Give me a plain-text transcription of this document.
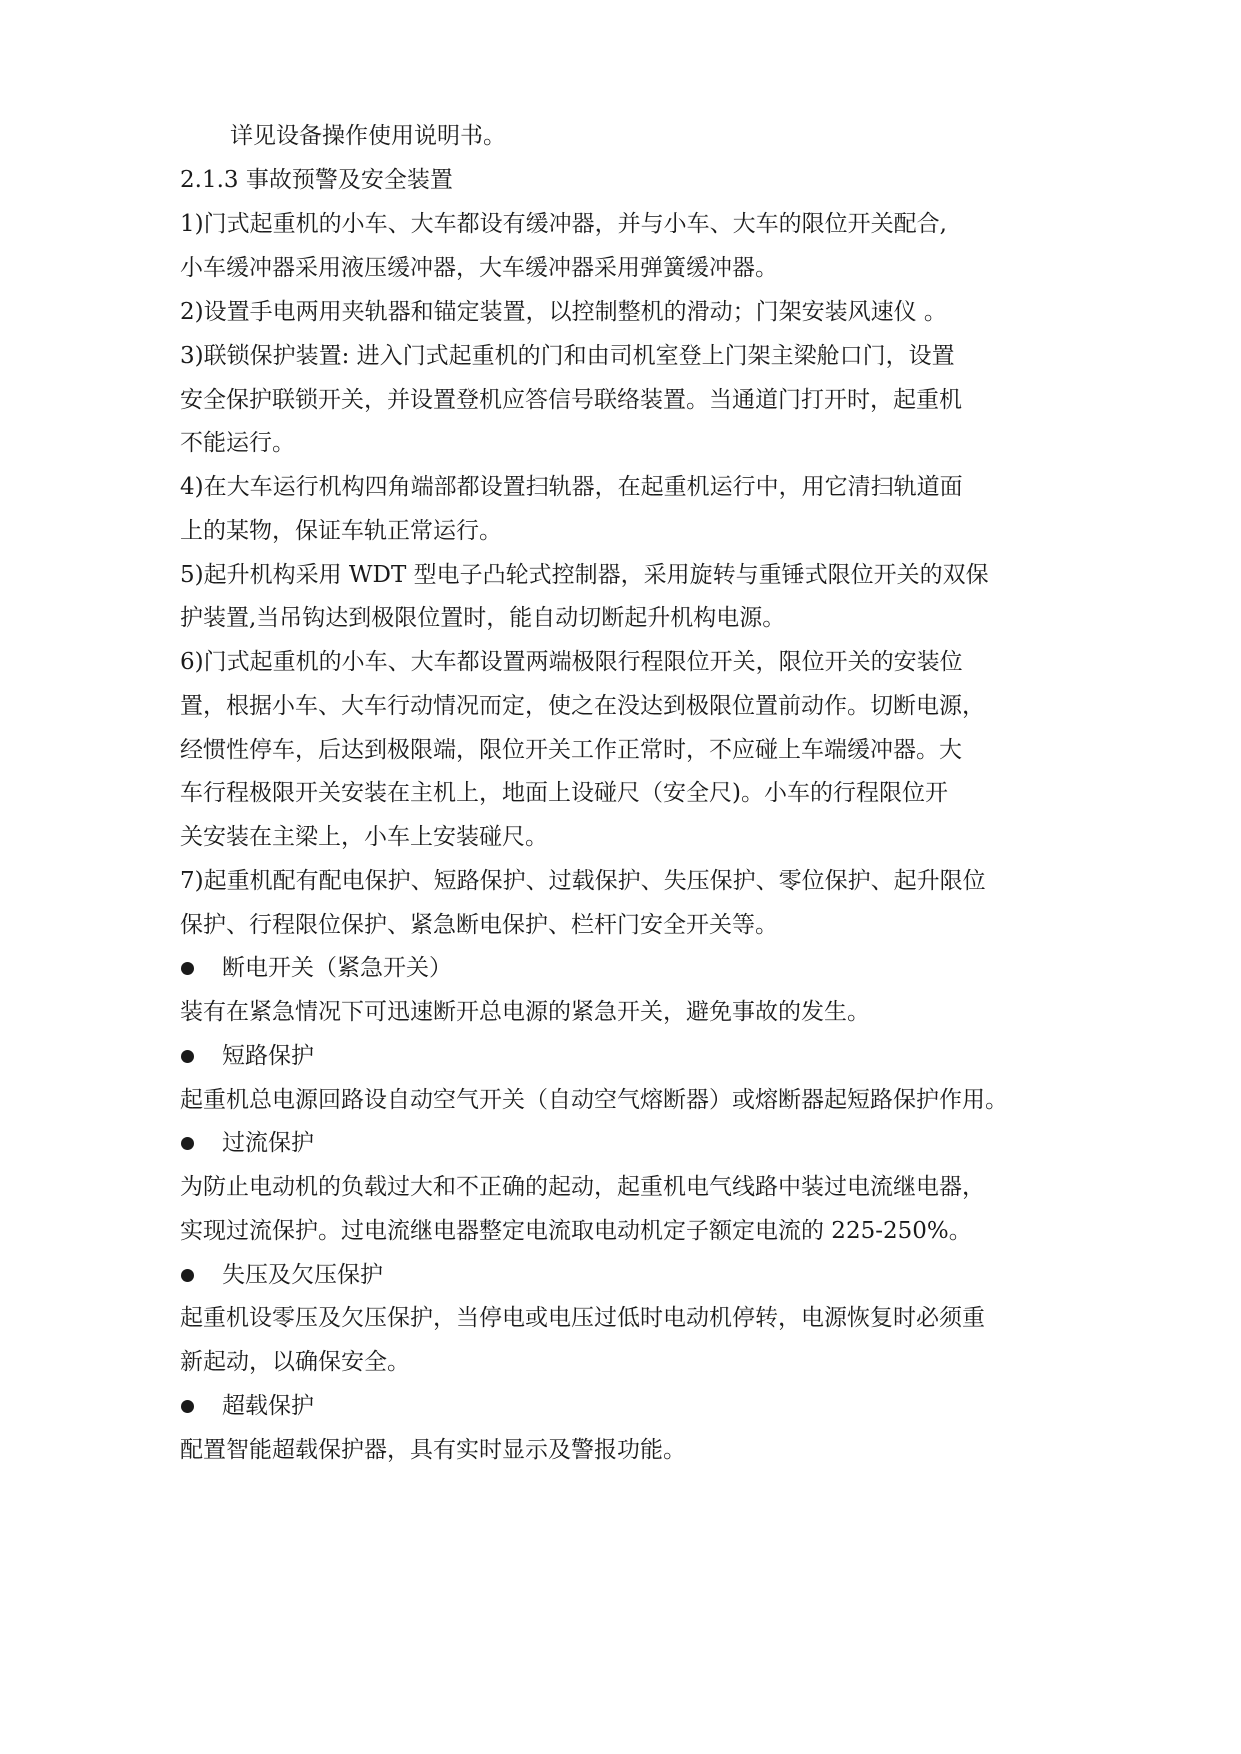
详见设备操作使用说明书。
2.1.3 事故预警及安全装置
1)门式起重机的小车、大车都设有缓冲器，并与小车、大车的限位开关配合,
小车缓冲器采用液压缓冲器，大车缓冲器采用弹簧缓冲器。
2)设置手电两用夹轨器和锚定装置，以控制整机的滑动；门架安装风速仪 。
3)联锁保护装置: 进入门式起重机的门和由司机室登上门架主梁舱口门，设置
安全保护联锁开关，并设置登机应答信号联络装置。当通道门打开时，起重机
不能运行。
4)在大车运行机构四角端部都设置扫轨器，在起重机运行中，用它清扫轨道面
上的某物，保证车轨正常运行。
5)起升机构采用 WDT 型电子凸轮式控制器，采用旋转与重锤式限位开关的双保
护装置,当吊钩达到极限位置时，能自动切断起升机构电源。
6)门式起重机的小车、大车都设置两端极限行程限位开关，限位开关的安装位
置，根据小车、大车行动情况而定，使之在没达到极限位置前动作。切断电源，
经惯性停车，后达到极限端，限位开关工作正常时，不应碰上车端缓冲器。大
车行程极限开关安装在主机上，地面上设碰尺（安全尺)。小车的行程限位开
关安装在主梁上，小车上安装碰尺。
7)起重机配有配电保护、短路保护、过载保护、失压保护、零位保护、起升限位
保护、行程限位保护、紧急断电保护、栏杆门安全开关等。
断电开关（紧急开关）
装有在紧急情况下可迅速断开总电源的紧急开关，避免事故的发生。
短路保护
起重机总电源回路设自动空气开关（自动空气熔断器）或熔断器起短路保护作用。
过流保护
为防止电动机的负载过大和不正确的起动，起重机电气线路中装过电流继电器，
实现过流保护。过电流继电器整定电流取电动机定子额定电流的 225-250%。
失压及欠压保护
起重机设零压及欠压保护，当停电或电压过低时电动机停转，电源恢复时必须重
新起动，以确保安全。
超载保护
配置智能超载保护器，具有实时显示及警报功能。
